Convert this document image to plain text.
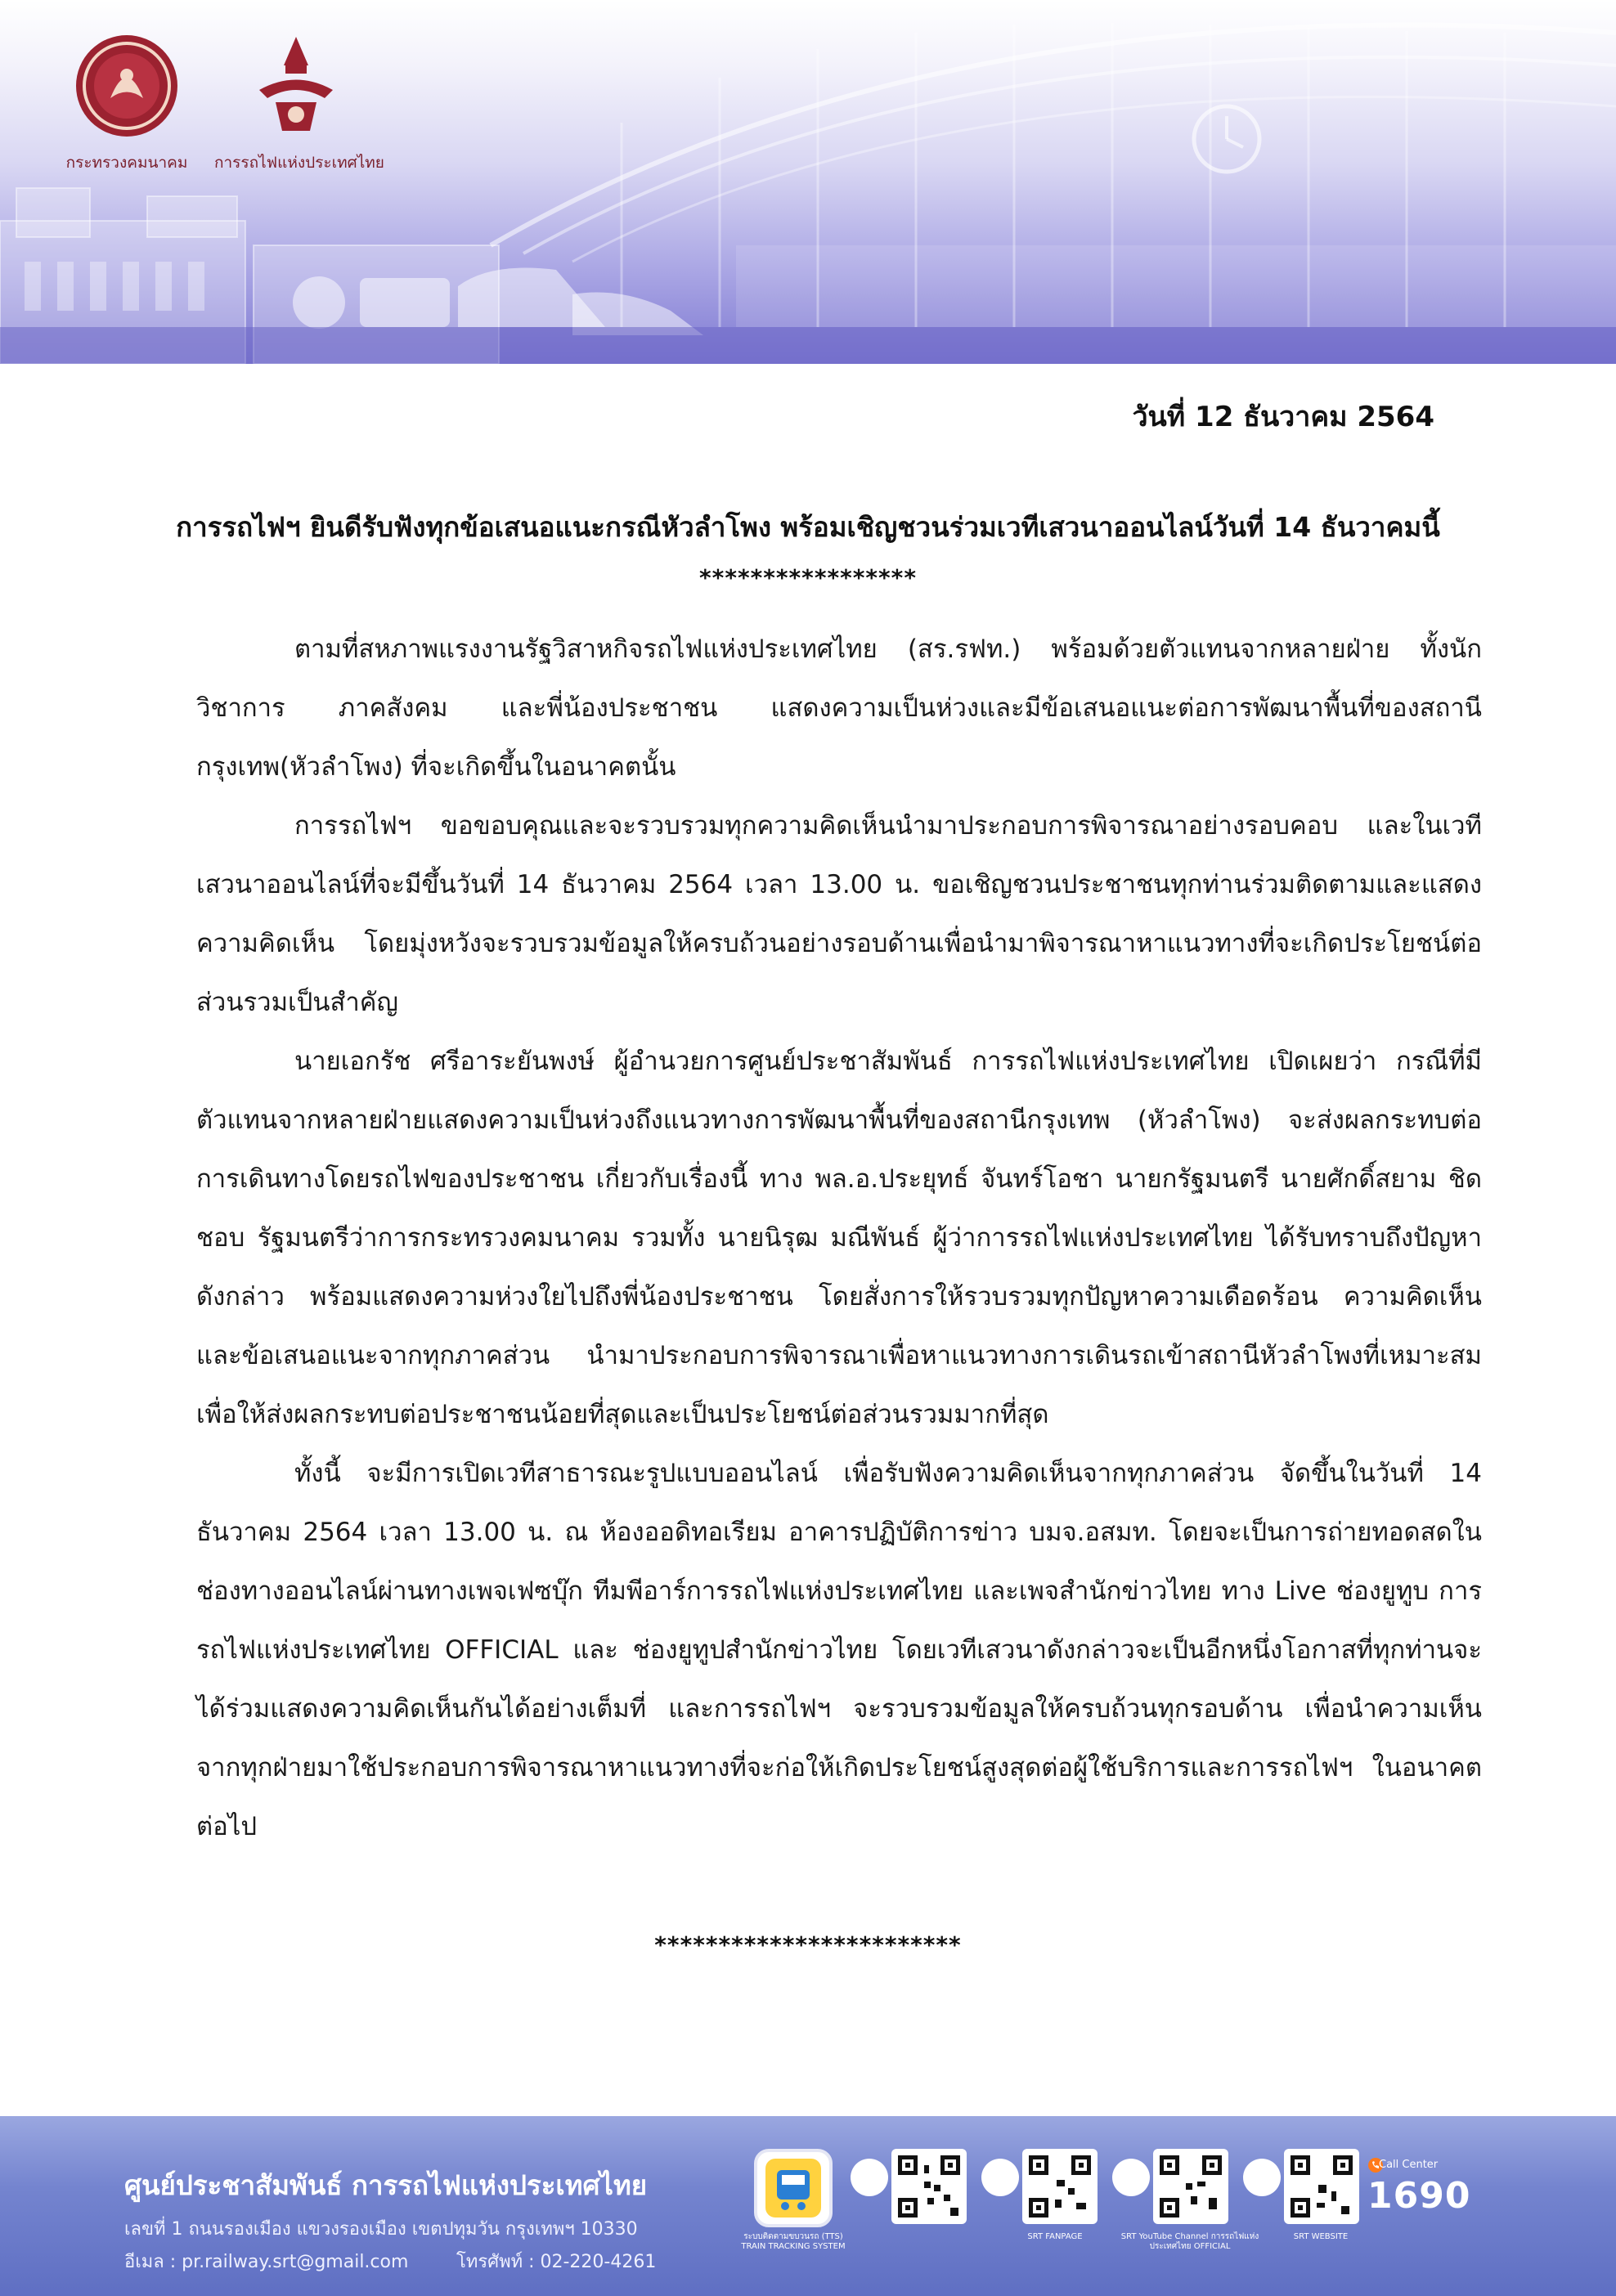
กระทรวงคมนาคม	การรถไฟแห่งประเทศไทย
วันที่ 12 ธันวาคม 2564
การรถไฟฯ ยินดีรับฟังทุกข้อเสนอแนะกรณีหัวลำโพง พร้อมเชิญชวนร่วมเวทีเสวนาออนไลน์วันที่ 14 ธันวาคมนี้
*****************

ตามที่สหภาพแรงงานรัฐวิสาหกิจรถไฟแห่งประเทศไทย (สร.รฟท.) พร้อมด้วยตัวแทนจากหลายฝ่าย ทั้งนักวิชาการ ภาคสังคม และพี่น้องประชาชน แสดงความเป็นห่วงและมีข้อเสนอแนะต่อการพัฒนาพื้นที่ของสถานีกรุงเทพ(หัวลำโพง) ที่จะเกิดขึ้นในอนาคตนั้น

การรถไฟฯ ขอขอบคุณและจะรวบรวมทุกความคิดเห็นนำมาประกอบการพิจารณาอย่างรอบคอบ และในเวทีเสวนาออนไลน์ที่จะมีขึ้นวันที่ 14 ธันวาคม 2564 เวลา 13.00 น. ขอเชิญชวนประชาชนทุกท่านร่วมติดตามและแสดงความคิดเห็น โดยมุ่งหวังจะรวบรวมข้อมูลให้ครบถ้วนอย่างรอบด้านเพื่อนำมาพิจารณาหาแนวทางที่จะเกิดประโยชน์ต่อส่วนรวมเป็นสำคัญ

นายเอกรัช ศรีอาระยันพงษ์ ผู้อำนวยการศูนย์ประชาสัมพันธ์ การรถไฟแห่งประเทศไทย เปิดเผยว่า กรณีที่มีตัวแทนจากหลายฝ่ายแสดงความเป็นห่วงถึงแนวทางการพัฒนาพื้นที่ของสถานีกรุงเทพ (หัวลำโพง) จะส่งผลกระทบต่อการเดินทางโดยรถไฟของประชาชน เกี่ยวกับเรื่องนี้ ทาง พล.อ.ประยุทธ์ จันทร์โอชา นายกรัฐมนตรี นายศักดิ์สยาม ชิดชอบ รัฐมนตรีว่าการกระทรวงคมนาคม รวมทั้ง นายนิรุฒ มณีพันธ์ ผู้ว่าการรถไฟแห่งประเทศไทย ได้รับทราบถึงปัญหาดังกล่าว พร้อมแสดงความห่วงใยไปถึงพี่น้องประชาชน โดยสั่งการให้รวบรวมทุกปัญหาความเดือดร้อน ความคิดเห็น และข้อเสนอแนะจากทุกภาคส่วน นำมาประกอบการพิจารณาเพื่อหาแนวทางการเดินรถเข้าสถานีหัวลำโพงที่เหมาะสม เพื่อให้ส่งผลกระทบต่อประชาชนน้อยที่สุดและเป็นประโยชน์ต่อส่วนรวมมากที่สุด

ทั้งนี้ จะมีการเปิดเวทีสาธารณะรูปแบบออนไลน์ เพื่อรับฟังความคิดเห็นจากทุกภาคส่วน จัดขึ้นในวันที่ 14 ธันวาคม 2564 เวลา 13.00 น. ณ ห้องออดิทอเรียม อาคารปฏิบัติการข่าว บมจ.อสมท. โดยจะเป็นการถ่ายทอดสดในช่องทางออนไลน์ผ่านทางเพจเฟซบุ๊ก ทีมพีอาร์การรถไฟแห่งประเทศไทย และเพจสำนักข่าวไทย ทาง Live ช่องยูทูบ การรถไฟแห่งประเทศไทย OFFICIAL และ ช่องยูทูปสำนักข่าวไทย โดยเวทีเสวนาดังกล่าวจะเป็นอีกหนึ่งโอกาสที่ทุกท่านจะได้ร่วมแสดงความคิดเห็นกันได้อย่างเต็มที่ และการรถไฟฯ จะรวบรวมข้อมูลให้ครบถ้วนทุกรอบด้าน เพื่อนำความเห็นจากทุกฝ่ายมาใช้ประกอบการพิจารณาหาแนวทางที่จะก่อให้เกิดประโยชน์สูงสุดต่อผู้ใช้บริการและการรถไฟฯ ในอนาคตต่อไป

************************
ศูนย์ประชาสัมพันธ์ การรถไฟแห่งประเทศไทย
เลขที่ 1 ถนนรองเมือง แขวงรองเมือง เขตปทุมวัน กรุงเทพฯ 10330
อีเมล : pr.railway.srt@gmail.com	โทรศัพท์ : 02-220-4261
ระบบติดตามขบวนรถ (TTS) TRAIN TRACKING SYSTEM
SRT FANPAGE	SRT YouTube Channel การรถไฟแห่งประเทศไทย OFFICIAL
SRT WEBSITE
Call Center
1690
